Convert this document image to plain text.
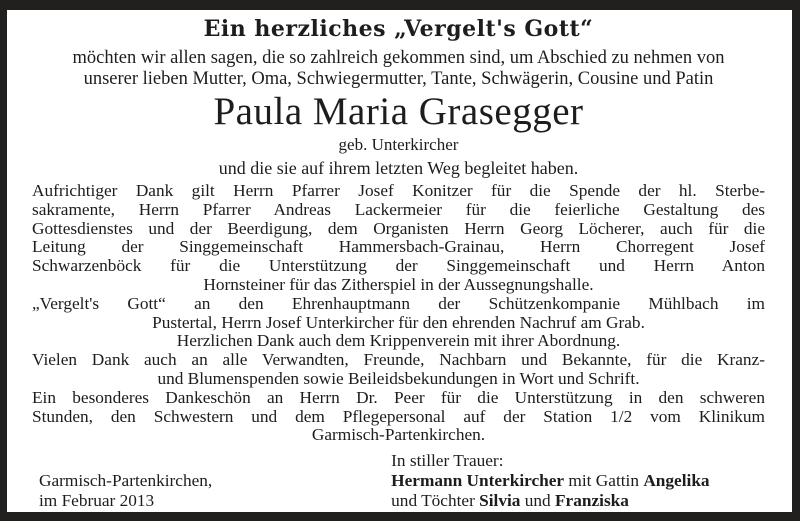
Ein herzliches „Vergelt's Gott“
möchten wir allen sagen, die so zahlreich gekommen sind, um Abschied zu nehmen von
unserer lieben Mutter, Oma, Schwiegermutter, Tante, Schwägerin, Cousine und Patin
Paula Maria Grasegger
geb. Unterkircher
und die sie auf ihrem letzten Weg begleitet haben.
Aufrichtiger Dank gilt Herrn Pfarrer Josef Konitzer für die Spende der hl. Sterbe-
sakramente, Herrn Pfarrer Andreas Lackermeier für die feierliche Gestaltung des
Gottesdienstes und der Beerdigung, dem Organisten Herrn Georg Löcherer, auch für die
Leitung der Singgemeinschaft Hammersbach-Grainau, Herrn Chorregent Josef
Schwarzenböck für die Unterstützung der Singgemeinschaft und Herrn Anton
Hornsteiner für das Zitherspiel in der Aussegnungshalle.
„Vergelt's Gott“ an den Ehrenhauptmann der Schützenkompanie Mühlbach im
Pustertal, Herrn Josef Unterkircher für den ehrenden Nachruf am Grab.
Herzlichen Dank auch dem Krippenverein mit ihrer Abordnung.
Vielen Dank auch an alle Verwandten, Freunde, Nachbarn und Bekannte, für die Kranz-
und Blumenspenden sowie Beileidsbekundungen in Wort und Schrift.
Ein besonderes Dankeschön an Herrn Dr. Peer für die Unterstützung in den schweren
Stunden, den Schwestern und dem Pflegepersonal auf der Station 1/2 vom Klinikum
Garmisch-Partenkirchen.
Garmisch-Partenkirchen,
im Februar 2013
In stiller Trauer:
Hermann Unterkircher mit Gattin Angelika
und Töchter Silvia und Franziska
